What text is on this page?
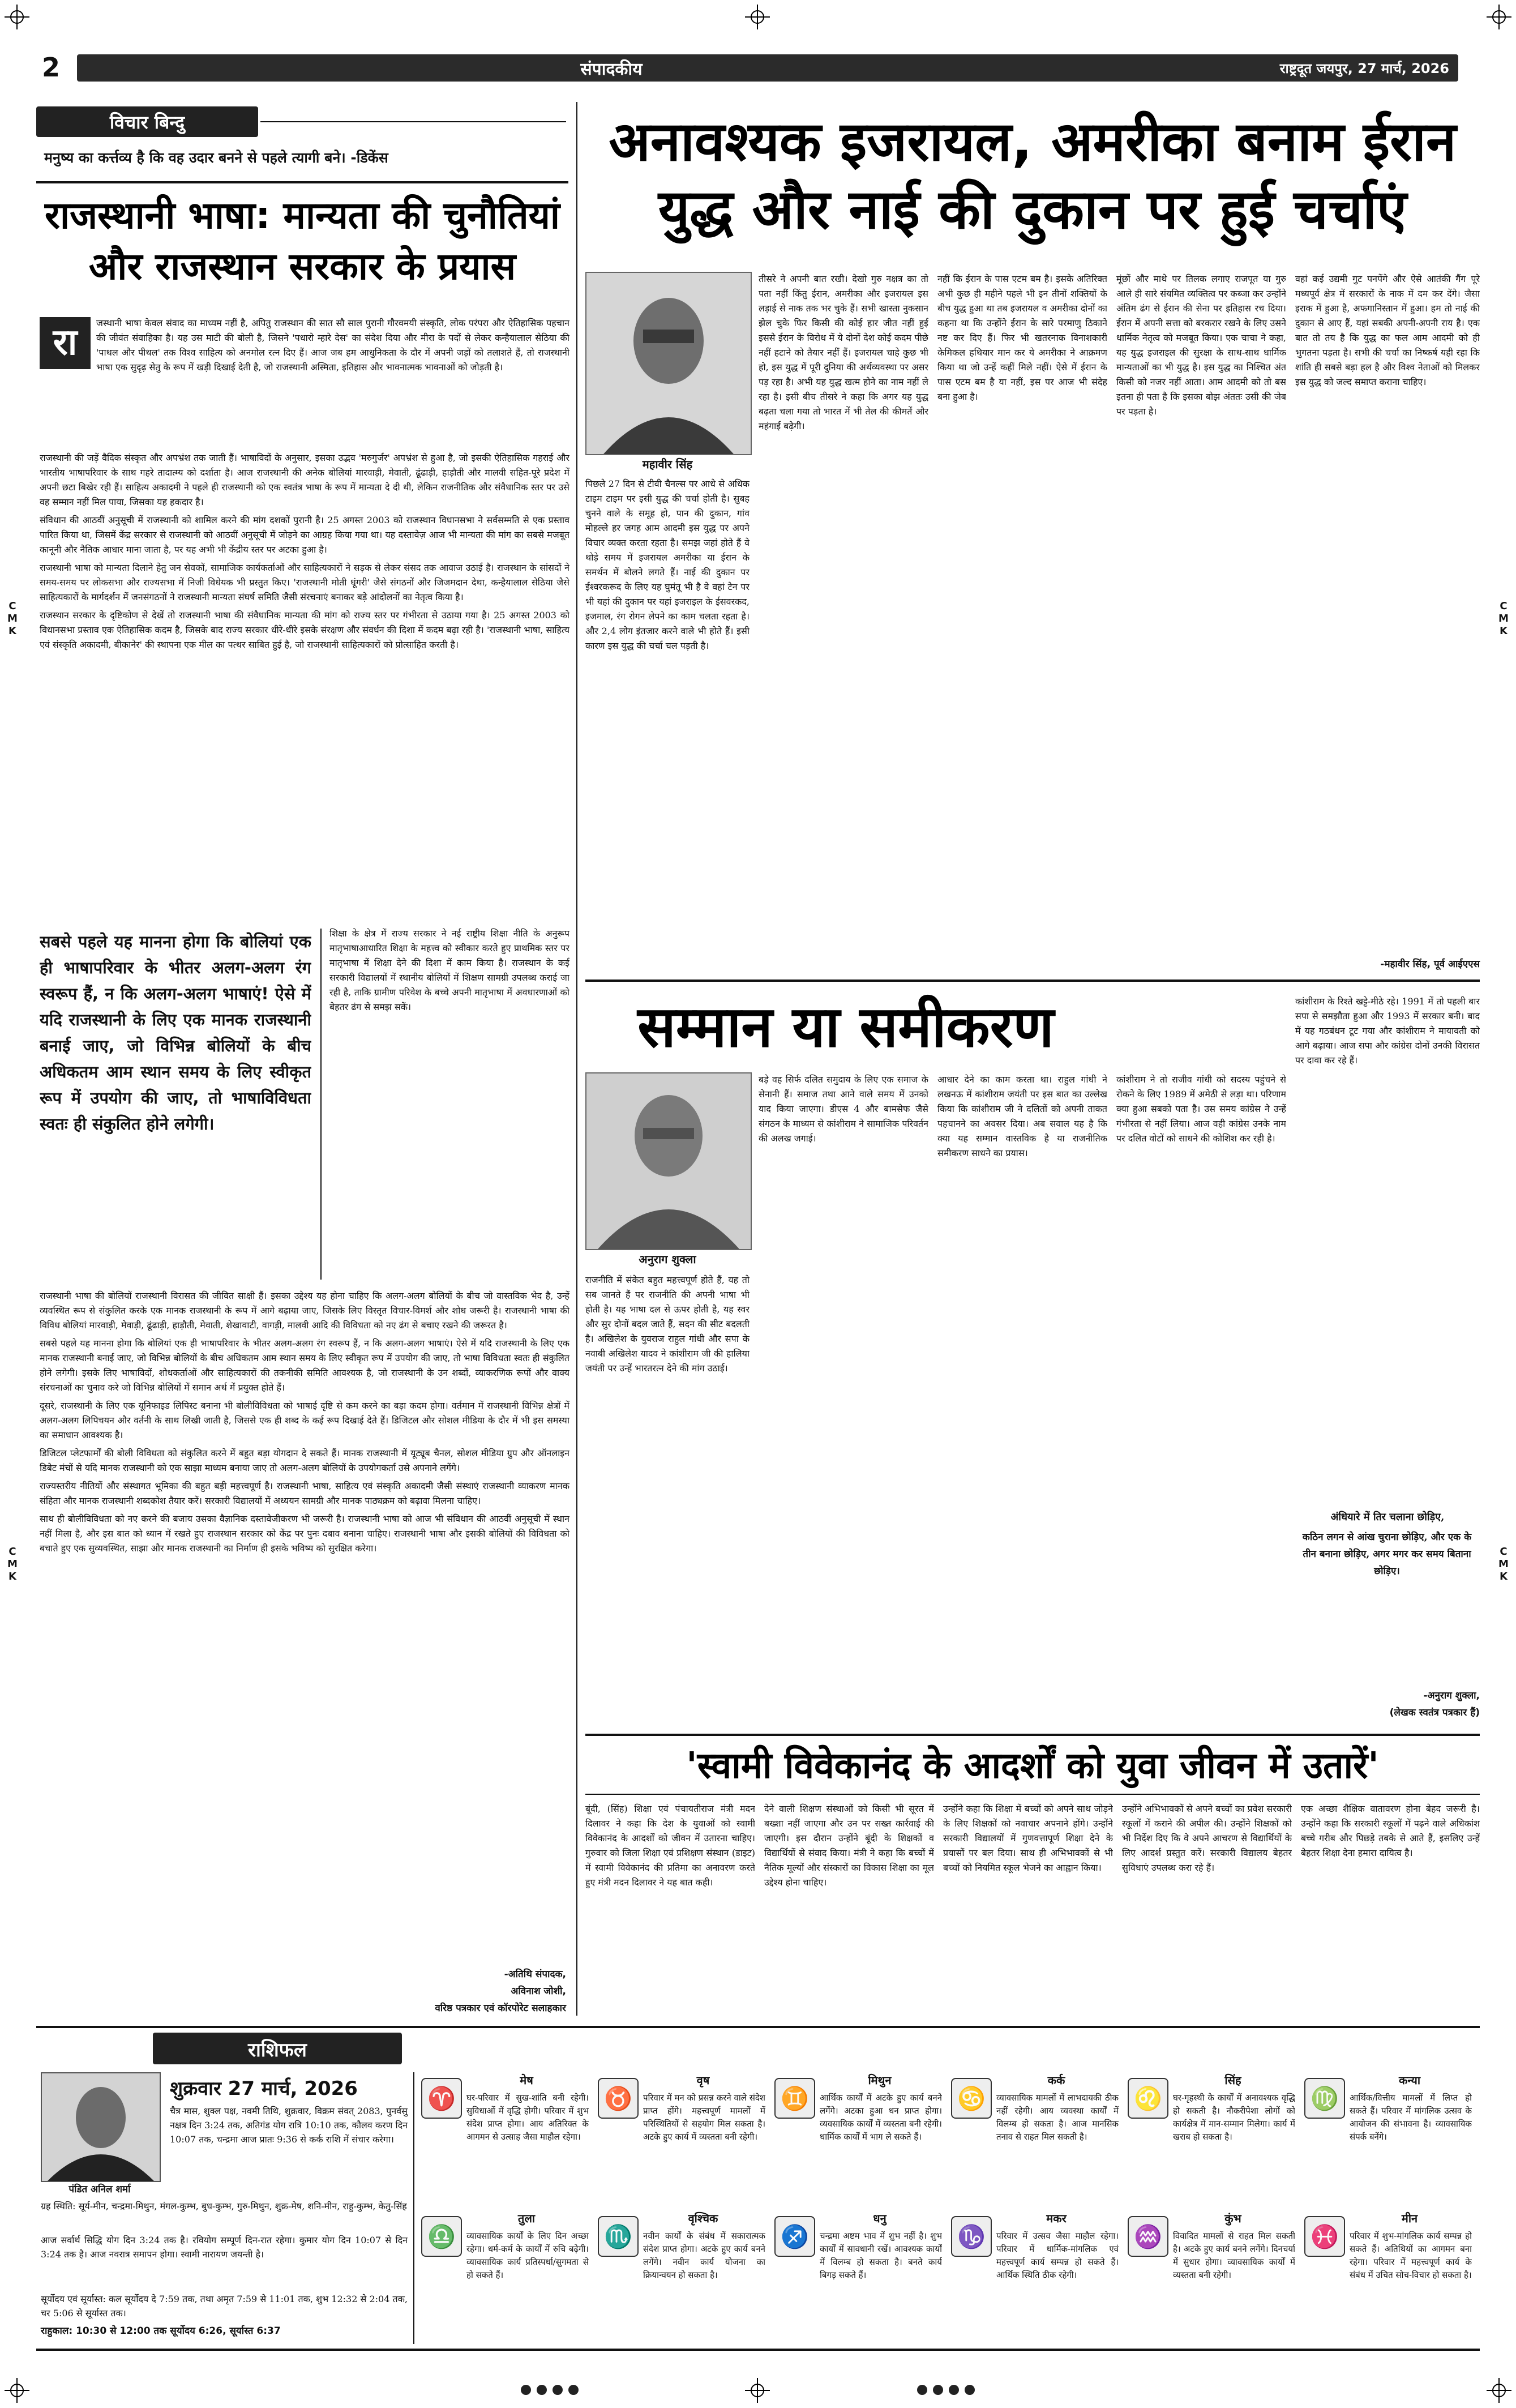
C
M
K
C
M
K
C
M
K
C
M
K
2	संपादकीय	राष्ट्रदूत जयपुर, 27 मार्च, 2026
विचार बिन्दु
मनुष्य का कर्त्तव्य है कि वह उदार बनने से पहले त्यागी बने। -डिकेंस
राजस्थानी भाषा: मान्यता की चुनौतियां
और राजस्थान सरकार के प्रयास
रा	जस्थानी भाषा केवल संवाद का माध्यम नहीं है, अपितु राजस्थान की सात सौ साल पुरानी गौरवमयी संस्कृति, लोक परंपरा और ऐतिहासिक पहचान की जीवंत संवाहिका है। यह उस माटी की बोली है, जिसने 'पधारो म्हारे देस' का संदेश दिया और मीरा के पदों से लेकर कन्हैयालाल सेठिया की 'पाथल और पीथल' तक विश्व साहित्य को अनमोल रत्न दिए हैं। आज जब हम आधुनिकता के दौर में अपनी जड़ों को तलाशते हैं, तो राजस्थानी भाषा एक सुदृढ़ सेतु के रूप में खड़ी दिखाई देती है, जो राजस्थानी अस्मिता, इतिहास और भावनात्मक भावनाओं को जोड़ती है।

राजस्थानी की जड़ें वैदिक संस्कृत और अपभ्रंश तक जाती हैं। भाषाविदों के अनुसार, इसका उद्भव 'मरुगुर्जर' अपभ्रंश से हुआ है, जो इसकी ऐतिहासिक गहराई और भारतीय भाषापरिवार के साथ गहरे तादात्म्य को दर्शाता है। आज राजस्थानी की अनेक बोलियां मारवाड़ी, मेवाती, ढूंढाड़ी, हाड़ौती और मालवी सहित-पूरे प्रदेश में अपनी छटा बिखेर रही हैं। साहित्य अकादमी ने पहले ही राजस्थानी को एक स्वतंत्र भाषा के रूप में मान्यता दे दी थी, लेकिन राजनीतिक और संवैधानिक स्तर पर उसे वह सम्मान नहीं मिल पाया, जिसका यह हकदार है।

संविधान की आठवीं अनुसूची में राजस्थानी को शामिल करने की मांग दशकों पुरानी है। 25 अगस्त 2003 को राजस्थान विधानसभा ने सर्वसम्मति से एक प्रस्ताव पारित किया था, जिसमें केंद्र सरकार से राजस्थानी को आठवीं अनुसूची में जोड़ने का आग्रह किया गया था। यह दस्तावेज़ आज भी मान्यता की मांग का सबसे मजबूत कानूनी और नैतिक आधार माना जाता है, पर यह अभी भी केंद्रीय स्तर पर अटका हुआ है।

राजस्थानी भाषा को मान्यता दिलाने हेतु जन सेवकों, सामाजिक कार्यकर्ताओं और साहित्यकारों ने सड़क से लेकर संसद तक आवाज उठाई है। राजस्थान के सांसदों ने समय-समय पर लोकसभा और राज्यसभा में निजी विधेयक भी प्रस्तुत किए। 'राजस्थानी मोती धूंगरी' जैसे संगठनों और जिजमदान देथा, कन्हैयालाल सेठिया जैसे साहित्यकारों के मार्गदर्शन में जनसंगठनों ने राजस्थानी मान्यता संघर्ष समिति जैसी संरचनाएं बनाकर बड़े आंदोलनों का नेतृत्व किया है।

राजस्थान सरकार के दृष्टिकोण से देखें तो राजस्थानी भाषा की संवैधानिक मान्यता की मांग को राज्य स्तर पर गंभीरता से उठाया गया है। 25 अगस्त 2003 को विधानसभा प्रस्ताव एक ऐतिहासिक कदम है, जिसके बाद राज्य सरकार धीरे-धीरे इसके संरक्षण और संवर्धन की दिशा में कदम बढ़ा रही है। 'राजस्थानी भाषा, साहित्य एवं संस्कृति अकादमी, बीकानेर' की स्थापना एक मील का पत्थर साबित हुई है, जो राजस्थानी साहित्यकारों को प्रोत्साहित करती है।

सबसे पहले यह मानना होगा कि बोलियां एक ही भाषापरिवार के भीतर अलग-अलग रंग स्वरूप हैं, न कि अलग-अलग भाषाएं! ऐसे में यदि राजस्थानी के लिए एक मानक राजस्थानी बनाई जाए, जो विभिन्न बोलियों के बीच अधिकतम आम स्थान समय के लिए स्वीकृत रूप में उपयोग की जाए, तो भाषाविविधता स्वतः ही संकुलित होने लगेगी।

शिक्षा के क्षेत्र में राज्य सरकार ने नई राष्ट्रीय शिक्षा नीति के अनुरूप मातृभाषाआधारित शिक्षा के महत्त्व को स्वीकार करते हुए प्राथमिक स्तर पर मातृभाषा में शिक्षा देने की दिशा में काम किया है। राजस्थान के कई सरकारी विद्यालयों में स्थानीय बोलियों में शिक्षण सामग्री उपलब्ध कराई जा रही है, ताकि ग्रामीण परिवेश के बच्चे अपनी मातृभाषा में अवधारणाओं को बेहतर ढंग से समझ सकें।

राजस्थानी भाषा की बोलियों राजस्थानी विरासत की जीवित साक्षी हैं। इसका उद्देश्य यह होना चाहिए कि अलग-अलग बोलियों के बीच जो वास्तविक भेद है, उन्हें व्यवस्थित रूप से संकुलित करके एक मानक राजस्थानी के रूप में आगे बढ़ाया जाए, जिसके लिए विस्तृत विचार-विमर्श और शोध जरूरी है। राजस्थानी भाषा की विविध बोलियां मारवाड़ी, मेवाड़ी, ढूंढाड़ी, हाड़ौती, मेवाती, शेखावाटी, वागड़ी, मालवी आदि की विविधता को नए ढंग से बचाए रखने की जरूरत है।

सबसे पहले यह मानना होगा कि बोलियां एक ही भाषापरिवार के भीतर अलग-अलग रंग स्वरूप हैं, न कि अलग-अलग भाषाएं। ऐसे में यदि राजस्थानी के लिए एक मानक राजस्थानी बनाई जाए, जो विभिन्न बोलियों के बीच अधिकतम आम स्थान समय के लिए स्वीकृत रूप में उपयोग की जाए, तो भाषा विविधता स्वतः ही संकुलित होने लगेगी। इसके लिए भाषाविदों, शोधकर्ताओं और साहित्यकारों की तकनीकी समिति आवश्यक है, जो राजस्थानी के उन शब्दों, व्याकरणिक रूपों और वाक्य संरचनाओं का चुनाव करे जो विभिन्न बोलियों में समान अर्थ में प्रयुक्त होते हैं।

दूसरे, राजस्थानी के लिए एक यूनिफाइड लिपिस्ट बनाना भी बोलीविविधता को भाषाई दृष्टि से कम करने का बड़ा कदम होगा। वर्तमान में राजस्थानी विभिन्न क्षेत्रों में अलग-अलग लिपिचयन और वर्तनी के साथ लिखी जाती है, जिससे एक ही शब्द के कई रूप दिखाई देते हैं। डिजिटल और सोशल मीडिया के दौर में भी इस समस्या का समाधान आवश्यक है।

डिजिटल प्लेटफार्मों की बोली विविधता को संकुलित करने में बहुत बड़ा योगदान दे सकते हैं। मानक राजस्थानी में यूट्यूब चैनल, सोशल मीडिया ग्रुप और ऑनलाइन डिबेट मंचों से यदि मानक राजस्थानी को एक साझा माध्यम बनाया जाए तो अलग-अलग बोलियों के उपयोगकर्ता उसे अपनाने लगेंगे।

राज्यस्तरीय नीतियों और संस्थागत भूमिका की बहुत बड़ी महत्त्वपूर्ण है। राजस्थानी भाषा, साहित्य एवं संस्कृति अकादमी जैसी संस्थाएं राजस्थानी व्याकरण मानक संहिता और मानक राजस्थानी शब्दकोश तैयार करें। सरकारी विद्यालयों में अध्ययन सामग्री और मानक पाठ्यक्रम को बढ़ावा मिलना चाहिए।

साथ ही बोलीविविधता को नए करने की बजाय उसका वैज्ञानिक दस्तावेजीकरण भी जरूरी है। राजस्थानी भाषा को आज भी संविधान की आठवीं अनुसूची में स्थान नहीं मिला है, और इस बात को ध्यान में रखते हुए राजस्थान सरकार को केंद्र पर पुनः दबाव बनाना चाहिए। राजस्थानी भाषा और इसकी बोलियों की विविधता को बचाते हुए एक सुव्यवस्थित, साझा और मानक राजस्थानी का निर्माण ही इसके भविष्य को सुरक्षित करेगा।

-अतिथि संपादक,
अविनाश जोशी,
वरिष्ठ पत्रकार एवं कॉरपोरेट सलाहकार
अनावश्यक इजरायल, अमरीका बनाम ईरान
युद्ध और नाई की दुकान पर हुई चर्चाएं
महावीर सिंह
पिछले 27 दिन से टीवी चैनल्स पर आधे से अधिक टाइम टाइम पर इसी युद्ध की चर्चा होती है। सुबह चुनने वाले के समूह हो, पान की दुकान, गांव मोहल्ले हर जगह आम आदमी इस युद्ध पर अपने विचार व्यक्त करता रहता है। समझ जहां होते हैं वे थोड़े समय में इजरायल अमरीका या ईरान के समर्थन में बोलने लगते हैं। नाई की दुकान पर ईश्वरकरूद के लिए यह घुमंतू भी है वे वहां टेन पर भी यहां की दुकान पर यहां इजराइल के ईसवरकद, इजमाल, रंग रोगन लेपने का काम चलता रहता है। और 2,4 लोग इंतजार करने वाले भी होते हैं। इसी कारण इस युद्ध की चर्चा चल पड़ती है।
तीसरे ने अपनी बात रखी। देखो गुरु नक्षत्र का तो पता नहीं किंतु ईरान, अमरीका और इजरायल इस लड़ाई से नाक तक भर चुके हैं। सभी खास्ता नुकसान झेल चुके फिर किसी की कोई हार जीत नहीं हुई इससे ईरान के विरोध में ये दोनों देश कोई कदम पीछे नहीं हटाने को तैयार नहीं हैं। इजरायल चाहे कुछ भी हो, इस युद्ध में पूरी दुनिया की अर्थव्यवस्था पर असर पड़ रहा है। अभी यह युद्ध खत्म होने का नाम नहीं ले रहा है। इसी बीच तीसरे ने कहा कि अगर यह युद्ध बढ़ता चला गया तो भारत में भी तेल की कीमतें और महंगाई बढ़ेगी।
नहीं कि ईरान के पास एटम बम है। इसके अतिरिक्त अभी कुछ ही महीने पहले भी इन तीनों शक्तियों के बीच युद्ध हुआ था तब इजरायल व अमरीका दोनों का कहना था कि उन्होंने ईरान के सारे परमाणु ठिकाने नष्ट कर दिए हैं। फिर भी खतरनाक विनाशकारी केमिकल हथियार मान कर ये अमरीका ने आक्रमण किया था जो उन्हें कहीं मिले नहीं। ऐसे में ईरान के पास एटम बम है या नहीं, इस पर आज भी संदेह बना हुआ है।
मूंछों और माथे पर तिलक लगाए राजपूत या गुरु आले ही सारे संयमित व्यक्तित्व पर कब्जा कर उन्होंने अंतिम ढंग से ईरान की सेना पर इतिहास रच दिया। ईरान में अपनी सत्ता को बरकरार रखने के लिए उसने धार्मिक नेतृत्व को मजबूत किया। एक चाचा ने कहा, यह युद्ध इजराइल की सुरक्षा के साथ-साथ धार्मिक मान्यताओं का भी युद्ध है। इस युद्ध का निश्चित अंत किसी को नजर नहीं आता। आम आदमी को तो बस इतना ही पता है कि इसका बोझ अंततः उसी की जेब पर पड़ता है।
वहां कई उद्यमी गुट पनपेंगे और ऐसे आतंकी गैंग पूरे मध्यपूर्व क्षेत्र में सरकारों के नाक में दम कर देंगे। जैसा इराक में हुआ है, अफगानिस्तान में हुआ। हम तो नाई की दुकान से आए हैं, यहां सबकी अपनी-अपनी राय है। एक बात तो तय है कि युद्ध का फल आम आदमी को ही भुगतना पड़ता है। सभी की चर्चा का निष्कर्ष यही रहा कि शांति ही सबसे बड़ा हल है और विश्व नेताओं को मिलकर इस युद्ध को जल्द समाप्त कराना चाहिए।
-महावीर सिंह, पूर्व आईएएस
सम्मान या समीकरण
अनुराग शुक्ला
राजनीति में संकेत बहुत महत्त्वपूर्ण होते हैं, यह तो सब जानते हैं पर राजनीति की अपनी भाषा भी होती है। यह भाषा दल से ऊपर होती है, यह स्वर और सुर दोनों बदल जाते हैं, सदन की सीट बदलती है। अखिलेश के युवराज राहुल गांधी और सपा के नवाबी अखिलेश यादव ने कांशीराम जी की हालिया जयंती पर उन्हें भारतरत्न देने की मांग उठाई।
बड़े वह सिर्फ दलित समुदाय के लिए एक समाज के सेनानी हैं। समाज तथा आने वाले समय में उनको याद किया जाएगा। डीएस 4 और बामसेफ जैसे संगठन के माध्यम से कांशीराम ने सामाजिक परिवर्तन की अलख जगाई।
आधार देने का काम करता था। राहुल गांधी ने लखनऊ में कांशीराम जयंती पर इस बात का उल्लेख किया कि कांशीराम जी ने दलितों को अपनी ताकत पहचानने का अवसर दिया। अब सवाल यह है कि क्या यह सम्मान वास्तविक है या राजनीतिक समीकरण साधने का प्रयास।
कांशीराम ने तो राजीव गांधी को सदस्य पहुंचने से रोकने के लिए 1989 में अमेठी से लड़ा था। परिणाम क्या हुआ सबको पता है। उस समय कांग्रेस ने उन्हें गंभीरता से नहीं लिया। आज वही कांग्रेस उनके नाम पर दलित वोटों को साधने की कोशिश कर रही है।
कांशीराम के रिश्ते खट्टे-मीठे रहे। 1991 में तो पहली बार सपा से समझौता हुआ और 1993 में सरकार बनी। बाद में यह गठबंधन टूट गया और कांशीराम ने मायावती को आगे बढ़ाया। आज सपा और कांग्रेस दोनों उनकी विरासत पर दावा कर रहे हैं।
अंधियारे में तिर चलाना छोड़िए,
कठिन लगन से आंख चुराना छोड़िए, और एक के तीन बनाना छोड़िए, अगर मगर कर समय बिताना छोड़िए।
-अनुराग शुक्ला,
(लेखक स्वतंत्र पत्रकार हैं)
'स्वामी विवेकानंद के आदर्शों को युवा जीवन में उतारें'
बूंदी, (सिंह) शिक्षा एवं पंचायतीराज मंत्री मदन दिलावर ने कहा कि देश के युवाओं को स्वामी विवेकानंद के आदर्शों को जीवन में उतारना चाहिए। गुरुवार को जिला शिक्षा एवं प्रशिक्षण संस्थान (डाइट) में स्वामी विवेकानंद की प्रतिमा का अनावरण करते हुए मंत्री मदन दिलावर ने यह बात कही।
देने वाली शिक्षण संस्थाओं को किसी भी सूरत में बख्शा नहीं जाएगा और उन पर सख्त कार्रवाई की जाएगी। इस दौरान उन्होंने बूंदी के शिक्षकों व विद्यार्थियों से संवाद किया। मंत्री ने कहा कि बच्चों में नैतिक मूल्यों और संस्कारों का विकास शिक्षा का मूल उद्देश्य होना चाहिए।
उन्होंने कहा कि शिक्षा में बच्चों को अपने साथ जोड़ने के लिए शिक्षकों को नवाचार अपनाने होंगे। उन्होंने सरकारी विद्यालयों में गुणवत्तापूर्ण शिक्षा देने के प्रयासों पर बल दिया। साथ ही अभिभावकों से भी बच्चों को नियमित स्कूल भेजने का आह्वान किया।
उन्होंने अभिभावकों से अपने बच्चों का प्रवेश सरकारी स्कूलों में कराने की अपील की। उन्होंने शिक्षकों को भी निर्देश दिए कि वे अपने आचरण से विद्यार्थियों के लिए आदर्श प्रस्तुत करें। सरकारी विद्यालय बेहतर सुविधाएं उपलब्ध करा रहे हैं।
एक अच्छा शैक्षिक वातावरण होना बेहद जरूरी है। उन्होंने कहा कि सरकारी स्कूलों में पढ़ने वाले अधिकांश बच्चे गरीब और पिछड़े तबके से आते हैं, इसलिए उन्हें बेहतर शिक्षा देना हमारा दायित्व है।
राशिफल
पंडित अनिल शर्मा
शुक्रवार 27 मार्च, 2026
चैत्र मास, शुक्ल पक्ष, नवमी तिथि, शुक्रवार, विक्रम संवत् 2083, पुनर्वसु नक्षत्र दिन 3:24 तक, अतिगंड योग रात्रि 10:10 तक, कौलव करण दिन 10:07 तक, चन्द्रमा आज प्रातः 9:36 से कर्क राशि में संचार करेगा।
ग्रह स्थिति: सूर्य-मीन, चन्द्रमा-मिथुन, मंगल-कुम्भ, बुध-कुम्भ, गुरु-मिथुन, शुक्र-मेष, शनि-मीन, राहु-कुम्भ, केतु-सिंह
आज सर्वार्थ सिद्धि योग दिन 3:24 तक है। रवियोग सम्पूर्ण दिन-रात रहेगा। कुमार योग दिन 10:07 से दिन 3:24 तक है। आज नवरात्र समापन होगा। स्वामी नारायण जयन्ती है।
सूर्योदय एवं सूर्यास्त: कल सूर्योदय दे 7:59 तक, तथा अमृत 7:59 से 11:01 तक, शुभ 12:32 से 2:04 तक, चर 5:06 से सूर्यास्त तक।
राहुकाल: 10:30 से 12:00 तक सूर्योदय 6:26, सूर्यास्त 6:37
♈
मेष
घर-परिवार में सुख-शांति बनी रहेगी। सुविधाओं में वृद्धि होगी। परिवार में शुभ संदेश प्राप्त होगा। आय अतिरिक्त के आगमन से उत्साह जैसा माहौल रहेगा।
♉
वृष
परिवार में मन को प्रसन्न करने वाले संदेश प्राप्त होंगे। महत्त्वपूर्ण मामलों में परिस्थितियों से सहयोग मिल सकता है। अटके हुए कार्य में व्यस्तता बनी रहेगी।
♊
मिथुन
आर्थिक कार्यों में अटके हुए कार्य बनने लगेंगे। अटका हुआ धन प्राप्त होगा। व्यवसायिक कार्यों में व्यस्तता बनी रहेगी। धार्मिक कार्यों में भाग ले सकते हैं।
♋
कर्क
व्यावसायिक मामलों में लाभदायकी ठीक नहीं रहेगी। आय व्यवस्था कार्यों में विलम्ब हो सकता है। आज मानसिक तनाव से राहत मिल सकती है।
♌
सिंह
घर-गृहस्थी के कार्यों में अनावश्यक वृद्धि हो सकती है। नौकरीपेशा लोगों को कार्यक्षेत्र में मान-सम्मान मिलेगा। कार्य में खराब हो सकता है।
♍
कन्या
आर्थिक/वित्तीय मामलों में लिप्त हो सकते हैं। परिवार में मांगलिक उत्सव के आयोजन की संभावना है। व्यावसायिक संपर्क बनेंगे।
♎
तुला
व्यावसायिक कार्यों के लिए दिन अच्छा रहेगा। धर्म-कर्म के कार्यों में रुचि बढ़ेगी। व्यावसायिक कार्य प्रतिस्पर्धा/सुगमता से हो सकते हैं।
♏
वृश्चिक
नवीन कार्यों के संबंध में सकारात्मक संदेश प्राप्त होगा। अटके हुए कार्य बनने लगेंगे। नवीन कार्य योजना का क्रियान्वयन हो सकता है।
♐
धनु
चन्द्रमा अष्टम भाव में शुभ नहीं है। शुभ कार्यों में सावधानी रखें। आवश्यक कार्यों में विलम्ब हो सकता है। बनते कार्य बिगड़ सकते हैं।
♑
मकर
परिवार में उत्सव जैसा माहौल रहेगा। परिवार में धार्मिक-मांगलिक एवं महत्त्वपूर्ण कार्य सम्पन्न हो सकते हैं। आर्थिक स्थिति ठीक रहेगी।
♒
कुंभ
विवादित मामलों से राहत मिल सकती है। अटके हुए कार्य बनने लगेंगे। दिनचर्या में सुधार होगा। व्यावसायिक कार्यों में व्यस्तता बनी रहेगी।
♓
मीन
परिवार में शुभ-मांगलिक कार्य सम्पन्न हो सकते हैं। अतिथियों का आगमन बना रहेगा। परिवार में महत्त्वपूर्ण कार्य के संबंध में उचित सोच-विचार हो सकता है।
